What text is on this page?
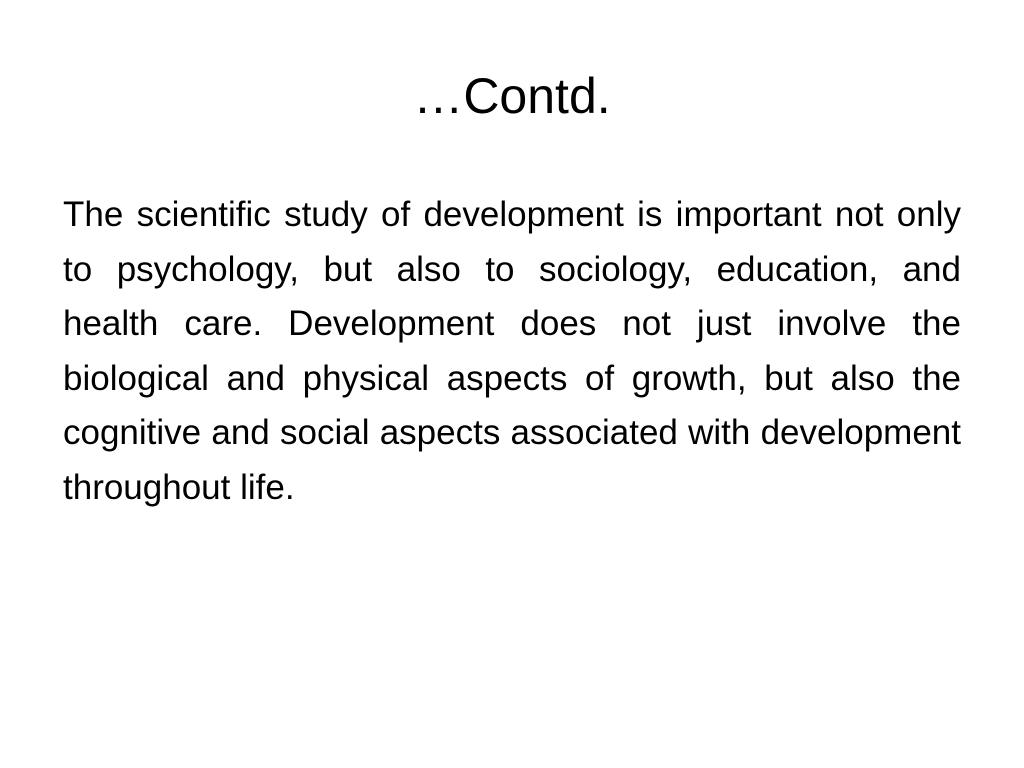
…Contd.

The scientific study of development is important not only to psychology, but also to sociology, education, and health care. Development does not just involve the biological and physical aspects of growth, but also the cognitive and social aspects associated with development throughout life.
